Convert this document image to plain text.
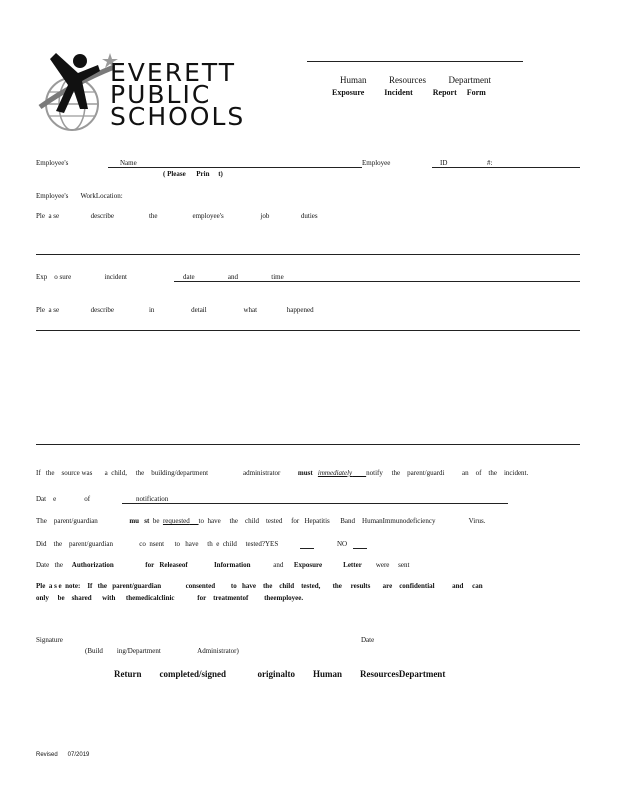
EVERETT
PUBLIC
SCHOOLS
Human          Resources          Department
Exposure          Incident          Report     Form
Employee's	Name
( Please      Prin     t)
Employee	ID	#:
Employee's       WorkLocation:
Ple  a se                  describe                    the                    employee's                     job                  duties
Exp    o sure                   incident	date                   and                   time
Ple  a se                  describe                    in                     detail                     what                 happened
If   the    source was       a  child,     the    building/department                    administrator	must immediately notify     the    parent/guardi          an    of    the    incident.
Dat    e                of	notification
The    parent/guardian	mu   st be requested to  have     the    child    tested     for   Hepatitis      Band    HumanImmunodeficiency                   Virus.
Did    the    parent/guardian               co  nsent      to   have     th  e  child     tested?YES	NO
Date   the Authorization	for   Releaseof	Information	and Exposure	Letter were     sent
Ple  a s e  note:    If   the   parent/guardian              consented         to   have    the    child    tested,       the     results       are    confidential          and     can
only     be    shared      with      themedicalclinic             for    treatmentof         theemployee.
Signature	Date
(Build        ing/Department                     Administrator)
Return        completed/signed              originalto        Human        ResourcesDepartment
Revised      07/2019
